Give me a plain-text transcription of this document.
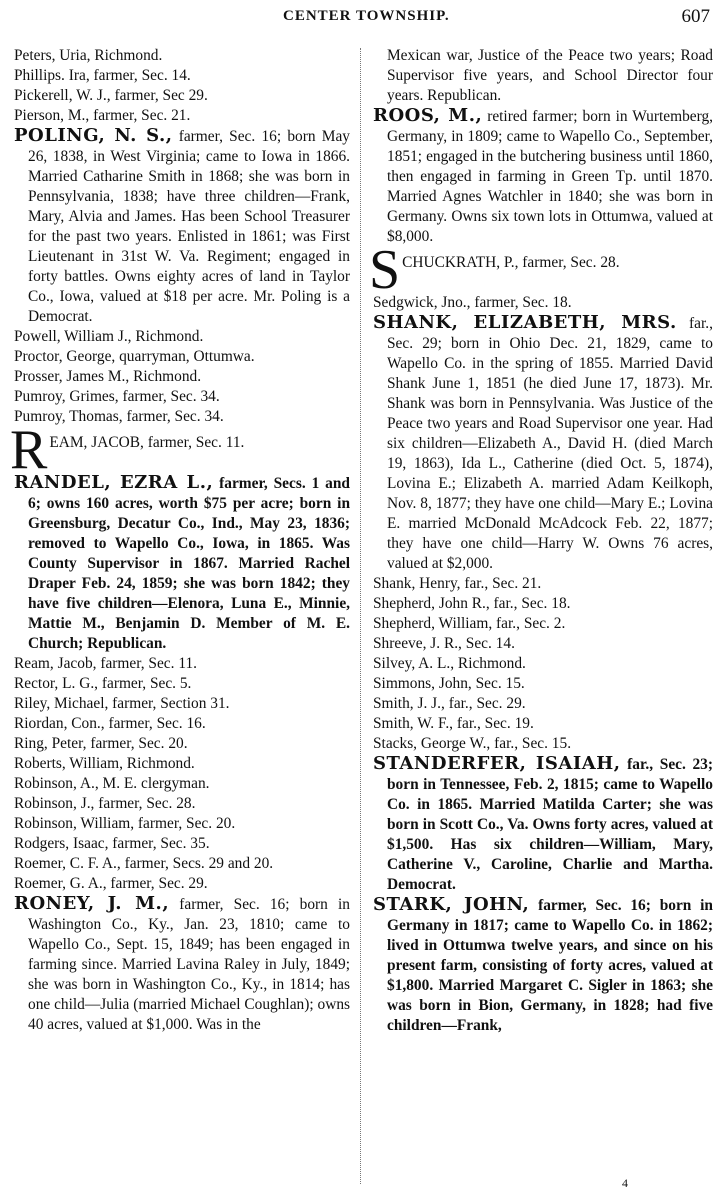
CENTER TOWNSHIP.	607

Peters, Uria, Richmond.

Phillips. Ira, farmer, Sec. 14.

Pickerell, W. J., farmer, Sec 29.

Pierson, M., farmer, Sec. 21.

POLING, N. S., farmer, Sec. 16; born May 26, 1838, in West Virginia; came to Iowa in 1866. Married Catharine Smith in 1868; she was born in Pennsylvania, 1838; have three children—Frank, Mary, Alvia and James. Has been School Treasurer for the past two years. Enlisted in 1861; was First Lieutenant in 31st W. Va. Regiment; engaged in forty battles. Owns eighty acres of land in Taylor Co., Iowa, valued at $18 per acre. Mr. Poling is a Democrat.

Powell, William J., Richmond.

Proctor, George, quarryman, Ottumwa.

Prosser, James M., Richmond.

Pumroy, Grimes, farmer, Sec. 34.

Pumroy, Thomas, farmer, Sec. 34.

R EAM, JACOB, farmer, Sec. 11.

RANDEL, EZRA L., farmer, Secs. 1 and 6; owns 160 acres, worth $75 per acre; born in Greensburg, Decatur Co., Ind., May 23, 1836; removed to Wapello Co., Iowa, in 1865. Was County Supervisor in 1867. Married Rachel Draper Feb. 24, 1859; she was born 1842; they have five children—Elenora, Luna E., Minnie, Mattie M., Benjamin D. Member of M. E. Church; Republican.

Ream, Jacob, farmer, Sec. 11.

Rector, L. G., farmer, Sec. 5.

Riley, Michael, farmer, Section 31.

Riordan, Con., farmer, Sec. 16.

Ring, Peter, farmer, Sec. 20.

Roberts, William, Richmond.

Robinson, A., M. E. clergyman.

Robinson, J., farmer, Sec. 28.

Robinson, William, farmer, Sec. 20.

Rodgers, Isaac, farmer, Sec. 35.

Roemer, C. F. A., farmer, Secs. 29 and 20.

Roemer, G. A., farmer, Sec. 29.

RONEY, J. M., farmer, Sec. 16; born in Washington Co., Ky., Jan. 23, 1810; came to Wapello Co., Sept. 15, 1849; has been engaged in farming since. Married Lavina Raley in July, 1849; she was born in Washington Co., Ky., in 1814; has one child—Julia (married Michael Coughlan); owns 40 acres, valued at $1,000. Was in the

Mexican war, Justice of the Peace two years; Road Supervisor five years, and School Director four years. Republican.

ROOS, M., retired farmer; born in Wurtemberg, Germany, in 1809; came to Wapello Co., September, 1851; engaged in the butchering business until 1860, then engaged in farming in Green Tp. until 1870. Married Agnes Watchler in 1840; she was born in Germany. Owns six town lots in Ottumwa, valued at $8,000.

S CHUCKRATH, P., farmer, Sec. 28.

Sedgwick, Jno., farmer, Sec. 18.

SHANK, ELIZABETH, MRS. far., Sec. 29; born in Ohio Dec. 21, 1829, came to Wapello Co. in the spring of 1855. Married David Shank June 1, 1851 (he died June 17, 1873). Mr. Shank was born in Pennsylvania. Was Justice of the Peace two years and Road Supervisor one year. Had six children—Elizabeth A., David H. (died March 19, 1863), Ida L., Catherine (died Oct. 5, 1874), Lovina E.; Elizabeth A. married Adam Keilkoph, Nov. 8, 1877; they have one child—Mary E.; Lovina E. married McDonald McAdcock Feb. 22, 1877; they have one child—Harry W. Owns 76 acres, valued at $2,000.

Shank, Henry, far., Sec. 21.

Shepherd, John R., far., Sec. 18.

Shepherd, William, far., Sec. 2.

Shreeve, J. R., Sec. 14.

Silvey, A. L., Richmond.

Simmons, John, Sec. 15.

Smith, J. J., far., Sec. 29.

Smith, W. F., far., Sec. 19.

Stacks, George W., far., Sec. 15.

STANDERFER, ISAIAH, far., Sec. 23; born in Tennessee, Feb. 2, 1815; came to Wapello Co. in 1865. Married Matilda Carter; she was born in Scott Co., Va. Owns forty acres, valued at $1,500. Has six children—William, Mary, Catherine V., Caroline, Charlie and Martha. Democrat.

STARK, JOHN, farmer, Sec. 16; born in Germany in 1817; came to Wapello Co. in 1862; lived in Ottumwa twelve years, and since on his present farm, consisting of forty acres, valued at $1,800. Married Margaret C. Sigler in 1863; she was born in Bion, Germany, in 1828; had five children—Frank,

4
